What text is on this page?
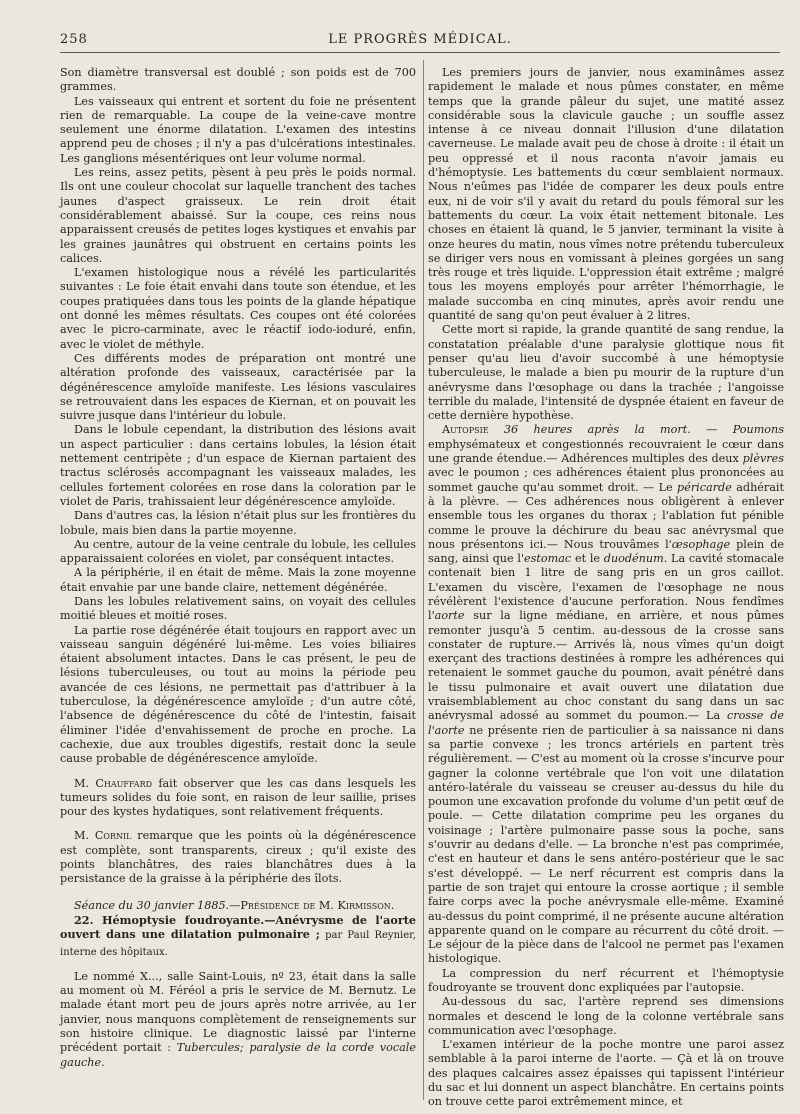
258	LE PROGRÈS MÉDICAL.

Son diamètre transversal est doublé ; son poids est de 700 grammes.

Les vaisseaux qui entrent et sortent du foie ne présentent rien de remarquable. La coupe de la veine-cave montre seulement une énorme dilatation. L'examen des intestins apprend peu de choses ; il n'y a pas d'ulcérations intestinales. Les ganglions mésentériques ont leur volume normal.

Les reins, assez petits, pèsent à peu près le poids normal. Ils ont une couleur chocolat sur laquelle tranchent des taches jaunes d'aspect graisseux. Le rein droit était considérablement abaissé. Sur la coupe, ces reins nous apparaissent creusés de petites loges kystiques et envahis par les graines jaunâtres qui obstruent en certains points les calices.

L'examen histologique nous a révélé les particularités suivantes : Le foie était envahi dans toute son étendue, et les coupes pratiquées dans tous les points de la glande hépatique ont donné les mêmes résultats. Ces coupes ont été colorées avec le picro-carminate, avec le réactif iodo-ioduré, enfin, avec le violet de méthyle.

Ces différents modes de préparation ont montré une altération profonde des vaisseaux, caractérisée par la dégénérescence amyloïde manifeste. Les lésions vasculaires se retrouvaient dans les espaces de Kiernan, et on pouvait les suivre jusque dans l'intérieur du lobule.

Dans le lobule cependant, la distribution des lésions avait un aspect particulier : dans certains lobules, la lésion était nettement centripète ; d'un espace de Kiernan partaient des tractus sclérosés accompagnant les vaisseaux malades, les cellules fortement colorées en rose dans la coloration par le violet de Paris, trahissaient leur dégénérescence amyloïde.

Dans d'autres cas, la lésion n'était plus sur les frontières du lobule, mais bien dans la partie moyenne.

Au centre, autour de la veine centrale du lobule, les cellules apparaissaient colorées en violet, par conséquent intactes.

A la périphérie, il en était de même. Mais la zone moyenne était envahie par une bande claire, nettement dégénérée.

Dans les lobules relativement sains, on voyait des cellules moitié bleues et moitié roses.

La partie rose dégénérée était toujours en rapport avec un vaisseau sanguin dégénéré lui-même. Les voies biliaires étaient absolument intactes. Dans le cas présent, le peu de lésions tuberculeuses, ou tout au moins la période peu avancée de ces lésions, ne permettait pas d'attribuer à la tuberculose, la dégénérescence amyloïde ; d'un autre côté, l'absence de dégénérescence du côté de l'intestin, faisait éliminer l'idée d'envahissement de proche en proche. La cachexie, due aux troubles digestifs, restait donc la seule cause probable de dégénérescence amyloïde.

M. Chauffard fait observer que les cas dans lesquels les tumeurs solides du foie sont, en raison de leur saillie, prises pour des kystes hydatiques, sont relativement fréquents.

M. Cornil remarque que les points où la dégénérescence est complète, sont transparents, cireux ; qu'il existe des points blanchâtres, des raies blanchâtres dues à la persistance de la graisse à la périphérie des îlots.

Séance du 30 janvier 1885.—Présidence de M. Kirmisson.

22. Hémoptysie foudroyante.—Anévrysme de l'aorte ouvert dans une dilatation pulmonaire ; par Paul Reynier, interne des hôpitaux.

Le nommé X..., salle Saint-Louis, nº 23, était dans la salle au moment où M. Féréol a pris le service de M. Bernutz. Le malade étant mort peu de jours après notre arrivée, au 1er janvier, nous manquons complètement de renseignements sur son histoire clinique. Le diagnostic laissé par l'interne précédent portait : Tubercules; paralysie de la corde vocale gauche.

Les premiers jours de janvier, nous examinâmes assez rapidement le malade et nous pûmes constater, en même temps que la grande pâleur du sujet, une matité assez considérable sous la clavicule gauche ; un souffle assez intense à ce niveau donnait l'illusion d'une dilatation caverneuse. Le malade avait peu de chose à droite : il était un peu oppressé et il nous raconta n'avoir jamais eu d'hémoptysie. Les battements du cœur semblaient normaux. Nous n'eûmes pas l'idée de comparer les deux pouls entre eux, ni de voir s'il y avait du retard du pouls fémoral sur les battements du cœur. La voix était nettement bitonale. Les choses en étaient là quand, le 5 janvier, terminant la visite à onze heures du matin, nous vîmes notre prétendu tuberculeux se diriger vers nous en vomissant à pleines gorgées un sang très rouge et très liquide. L'oppression était extrême ; malgré tous les moyens employés pour arrêter l'hémorrhagie, le malade succomba en cinq minutes, après avoir rendu une quantité de sang qu'on peut évaluer à 2 litres.

Cette mort si rapide, la grande quantité de sang rendue, la constatation préalable d'une paralysie glottique nous fit penser qu'au lieu d'avoir succombé à une hémoptysie tuberculeuse, le malade a bien pu mourir de la rupture d'un anévrysme dans l'œsophage ou dans la trachée ; l'angoisse terrible du malade, l'intensité de dyspnée étaient en faveur de cette dernière hypothèse.

Autopsie 36 heures après la mort. — Poumons emphysémateux et congestionnés recouvraient le cœur dans une grande étendue.— Adhérences multiples des deux plèvres avec le poumon ; ces adhérences étaient plus prononcées au sommet gauche qu'au sommet droit. — Le péricarde adhérait à la plèvre. — Ces adhérences nous obligèrent à enlever ensemble tous les organes du thorax ; l'ablation fut pénible comme le prouve la déchirure du beau sac anévrysmal que nous présentons ici.— Nous trouvâmes l'œsophage plein de sang, ainsi que l'estomac et le duodénum. La cavité stomacale contenait bien 1 litre de sang pris en un gros caillot. L'examen du viscère, l'examen de l'œsophage ne nous révélèrent l'existence d'aucune perforation. Nous fendîmes l'aorte sur la ligne médiane, en arrière, et nous pûmes remonter jusqu'à 5 centim. au-dessous de la crosse sans constater de rupture.— Arrivés là, nous vîmes qu'un doigt exerçant des tractions destinées à rompre les adhérences qui retenaient le sommet gauche du poumon, avait pénétré dans le tissu pulmonaire et avait ouvert une dilatation due vraisemblablement au choc constant du sang dans un sac anévrysmal adossé au sommet du poumon.— La crosse de l'aorte ne présente rien de particulier à sa naissance ni dans sa partie convexe ; les troncs artériels en partent très régulièrement. — C'est au moment où la crosse s'incurve pour gagner la colonne vertébrale que l'on voit une dilatation antéro-latérale du vaisseau se creuser au-dessus du hile du poumon une excavation profonde du volume d'un petit œuf de poule. — Cette dilatation comprime peu les organes du voisinage ; l'artère pulmonaire passe sous la poche, sans s'ouvrir au dedans d'elle. — La bronche n'est pas comprimée, c'est en hauteur et dans le sens antéro-postérieur que le sac s'est développé. — Le nerf récurrent est compris dans la partie de son trajet qui entoure la crosse aortique ; il semble faire corps avec la poche anévrysmale elle-même. Examiné au-dessus du point comprimé, il ne présente aucune altération apparente quand on le compare au récurrent du côté droit. — Le séjour de la pièce dans de l'alcool ne permet pas l'examen histologique.

La compression du nerf récurrent et l'hémoptysie foudroyante se trouvent donc expliquées par l'autopsie.

Au-dessous du sac, l'artère reprend ses dimensions normales et descend le long de la colonne vertébrale sans communication avec l'œsophage.

L'examen intérieur de la poche montre une paroi assez semblable à la paroi interne de l'aorte. — Çà et là on trouve des plaques calcaires assez épaisses qui tapissent l'intérieur du sac et lui donnent un aspect blanchâtre. En certains points on trouve cette paroi extrêmement mince, et
